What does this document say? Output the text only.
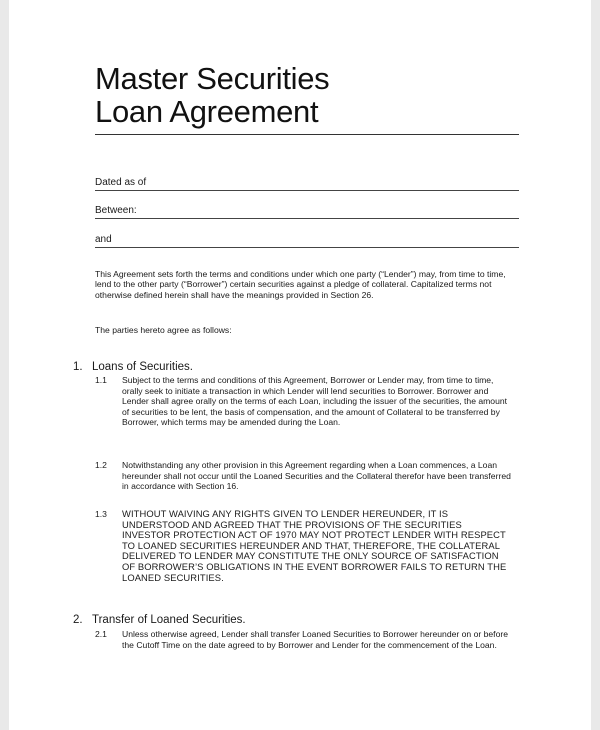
Master Securities
Loan Agreement
Dated as of
Between:
and

This Agreement sets forth the terms and conditions under which one party (“Lender”) may, from time to time, lend to the other party (“Borrower”) certain securities against a pledge of collateral. Capitalized terms not otherwise defined herein shall have the meanings provided in Section 26.

The parties hereto agree as follows:

1. Loans of Securities.
1.1 Subject to the terms and conditions of this Agreement, Borrower or Lender may, from time to time, orally seek to initiate a transaction in which Lender will lend securities to Borrower. Borrower and Lender shall agree orally on the terms of each Loan, including the issuer of the securities, the amount of securities to be lent, the basis of compensation, and the amount of Collateral to be transferred by Borrower, which terms may be amended during the Loan.
1.2 Notwithstanding any other provision in this Agreement regarding when a Loan commences, a Loan hereunder shall not occur until the Loaned Securities and the Collateral therefor have been transferred in accordance with Section 16.
1.3 WITHOUT WAIVING ANY RIGHTS GIVEN TO LENDER HEREUNDER, IT IS UNDERSTOOD AND AGREED THAT THE PROVISIONS OF THE SECURITIES INVESTOR PROTECTION ACT OF 1970 MAY NOT PROTECT LENDER WITH RESPECT TO LOANED SECURITIES HEREUNDER AND THAT, THEREFORE, THE COLLATERAL DELIVERED TO LENDER MAY CONSTITUTE THE ONLY SOURCE OF SATISFACTION OF BORROWER’S OBLIGATIONS IN THE EVENT BORROWER FAILS TO RETURN THE LOANED SECURITIES.
2. Transfer of Loaned Securities.
2.1 Unless otherwise agreed, Lender shall transfer Loaned Securities to Borrower hereunder on or before the Cutoff Time on the date agreed to by Borrower and Lender for the commencement of the Loan.
